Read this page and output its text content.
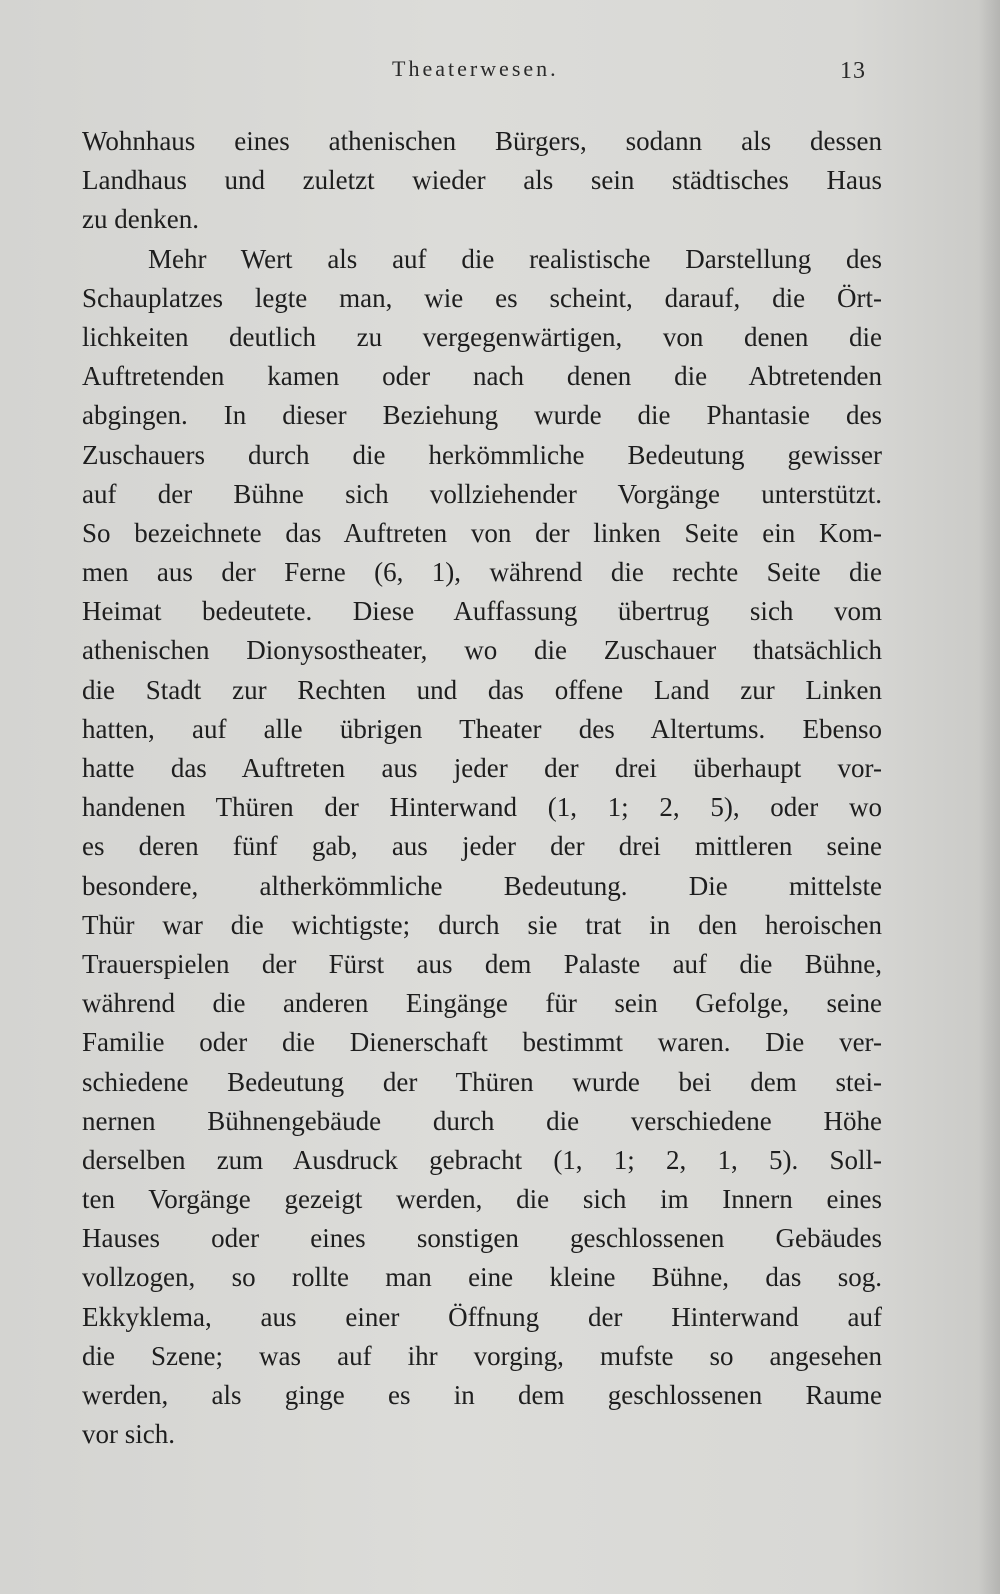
Theaterwesen.	13
Wohnhaus eines athenischen Bürgers, sodann als dessen
Landhaus und zuletzt wieder als sein städtisches Haus
zu denken.
Mehr Wert als auf die realistische Darstellung des
Schauplatzes legte man, wie es scheint, darauf, die Ört-
lichkeiten deutlich zu vergegenwärtigen, von denen die
Auftretenden kamen oder nach denen die Abtretenden
abgingen. In dieser Beziehung wurde die Phantasie des
Zuschauers durch die herkömmliche Bedeutung gewisser
auf der Bühne sich vollziehender Vorgänge unterstützt.
So bezeichnete das Auftreten von der linken Seite ein Kom-
men aus der Ferne (6, 1), während die rechte Seite die
Heimat bedeutete. Diese Auffassung übertrug sich vom
athenischen Dionysostheater, wo die Zuschauer thatsächlich
die Stadt zur Rechten und das offene Land zur Linken
hatten, auf alle übrigen Theater des Altertums. Ebenso
hatte das Auftreten aus jeder der drei überhaupt vor-
handenen Thüren der Hinterwand (1, 1; 2, 5), oder wo
es deren fünf gab, aus jeder der drei mittleren seine
besondere, altherkömmliche Bedeutung. Die mittelste
Thür war die wichtigste; durch sie trat in den heroischen
Trauerspielen der Fürst aus dem Palaste auf die Bühne,
während die anderen Eingänge für sein Gefolge, seine
Familie oder die Dienerschaft bestimmt waren. Die ver-
schiedene Bedeutung der Thüren wurde bei dem stei-
nernen Bühnengebäude durch die verschiedene Höhe
derselben zum Ausdruck gebracht (1, 1; 2, 1, 5). Soll-
ten Vorgänge gezeigt werden, die sich im Innern eines
Hauses oder eines sonstigen geschlossenen Gebäudes
vollzogen, so rollte man eine kleine Bühne, das sog.
Ekkyklema, aus einer Öffnung der Hinterwand auf
die Szene; was auf ihr vorging, mufste so angesehen
werden, als ginge es in dem geschlossenen Raume
vor sich.
